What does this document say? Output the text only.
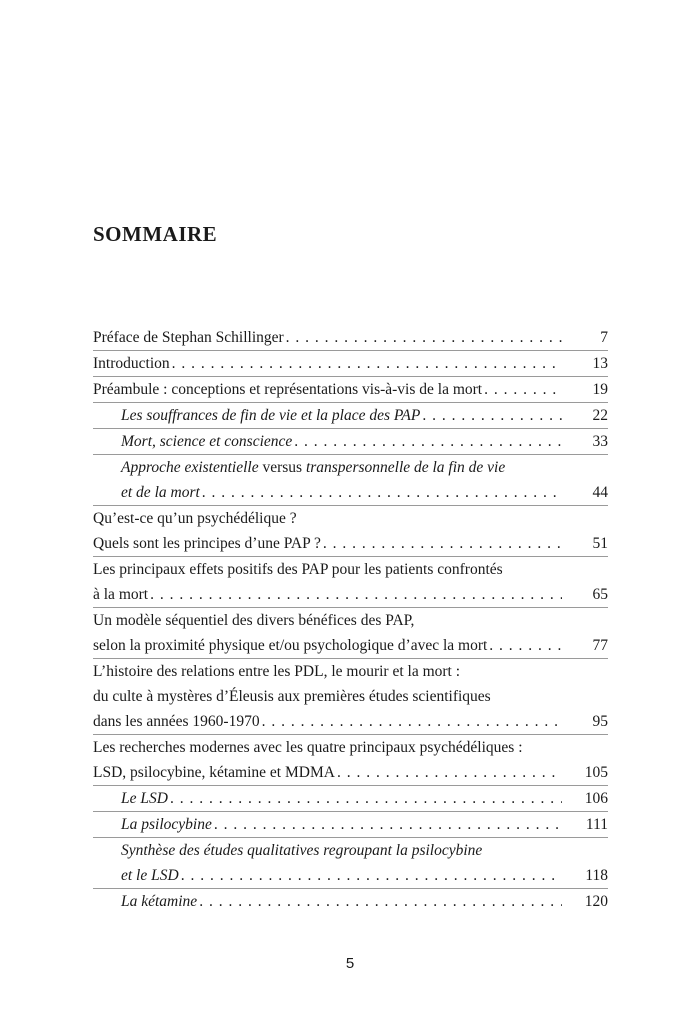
SOMMAIRE
Préface de Stephan Schillinger . . .	7
Introduction . . .	13
Préambule : conceptions et représentations vis-à-vis de la mort . . .	19
Les souffrances de fin de vie et la place des PAP . . .	22
Mort, science et conscience . . .	33
Approche existentielle versus transpersonnelle de la fin de vie
et de la mort . . .	44
Qu’est-ce qu’un psychédélique ?
Quels sont les principes d’une PAP ? . . .	51
Les principaux effets positifs des PAP pour les patients confrontés
à la mort . . .	65
Un modèle séquentiel des divers bénéfices des PAP,
selon la proximité physique et/ou psychologique d’avec la mort . . .	77
L’histoire des relations entre les PDL, le mourir et la mort :
du culte à mystères d’Éleusis aux premières études scientifiques
dans les années 1960-1970 . . .	95
Les recherches modernes avec les quatre principaux psychédéliques :
LSD, psilocybine, kétamine et MDMA . . .	105
Le LSD . . .	106
La psilocybine . . .	111
Synthèse des études qualitatives regroupant la psilocybine
et le LSD . . .	118
La kétamine . . .	120
5
